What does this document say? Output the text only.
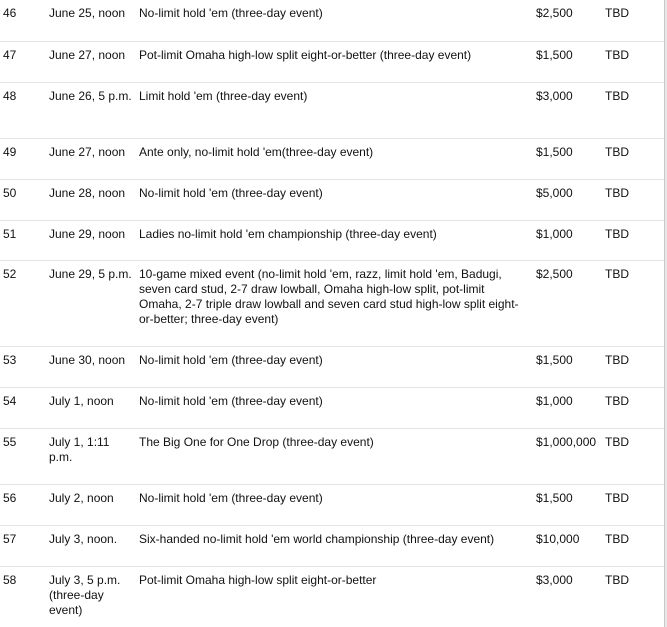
46	June 25, noon	No-limit hold 'em (three-day event)	$2,500	TBD
47	June 27, noon	Pot-limit Omaha high-low split eight-or-better (three-day event)	$1,500	TBD
48	June 26, 5 p.m.	Limit hold 'em (three-day event)	$3,000	TBD
49	June 27, noon	Ante only, no-limit hold 'em(three-day event)	$1,500	TBD
50	June 28, noon	No-limit hold 'em (three-day event)	$5,000	TBD
51	June 29, noon	Ladies no-limit hold 'em championship (three-day event)	$1,000	TBD
52	June 29, 5 p.m.	10-game mixed event (no-limit hold 'em, razz, limit hold 'em, Badugi, seven card stud, 2-7 draw lowball, Omaha high-low split, pot-limit Omaha, 2-7 triple draw lowball and seven card stud high-low split eight-or-better; three-day event)	$2,500	TBD
53	June 30, noon	No-limit hold 'em (three-day event)	$1,500	TBD
54	July 1, noon	No-limit hold 'em (three-day event)	$1,000	TBD
55	July 1, 1:11 p.m.	The Big One for One Drop (three-day event)	$1,000,000	TBD
56	July 2, noon	No-limit hold 'em (three-day event)	$1,500	TBD
57	July 3, noon.	Six-handed no-limit hold 'em world championship (three-day event)	$10,000	TBD
58	July 3, 5 p.m. (three-day event)	Pot-limit Omaha high-low split eight-or-better	$3,000	TBD
